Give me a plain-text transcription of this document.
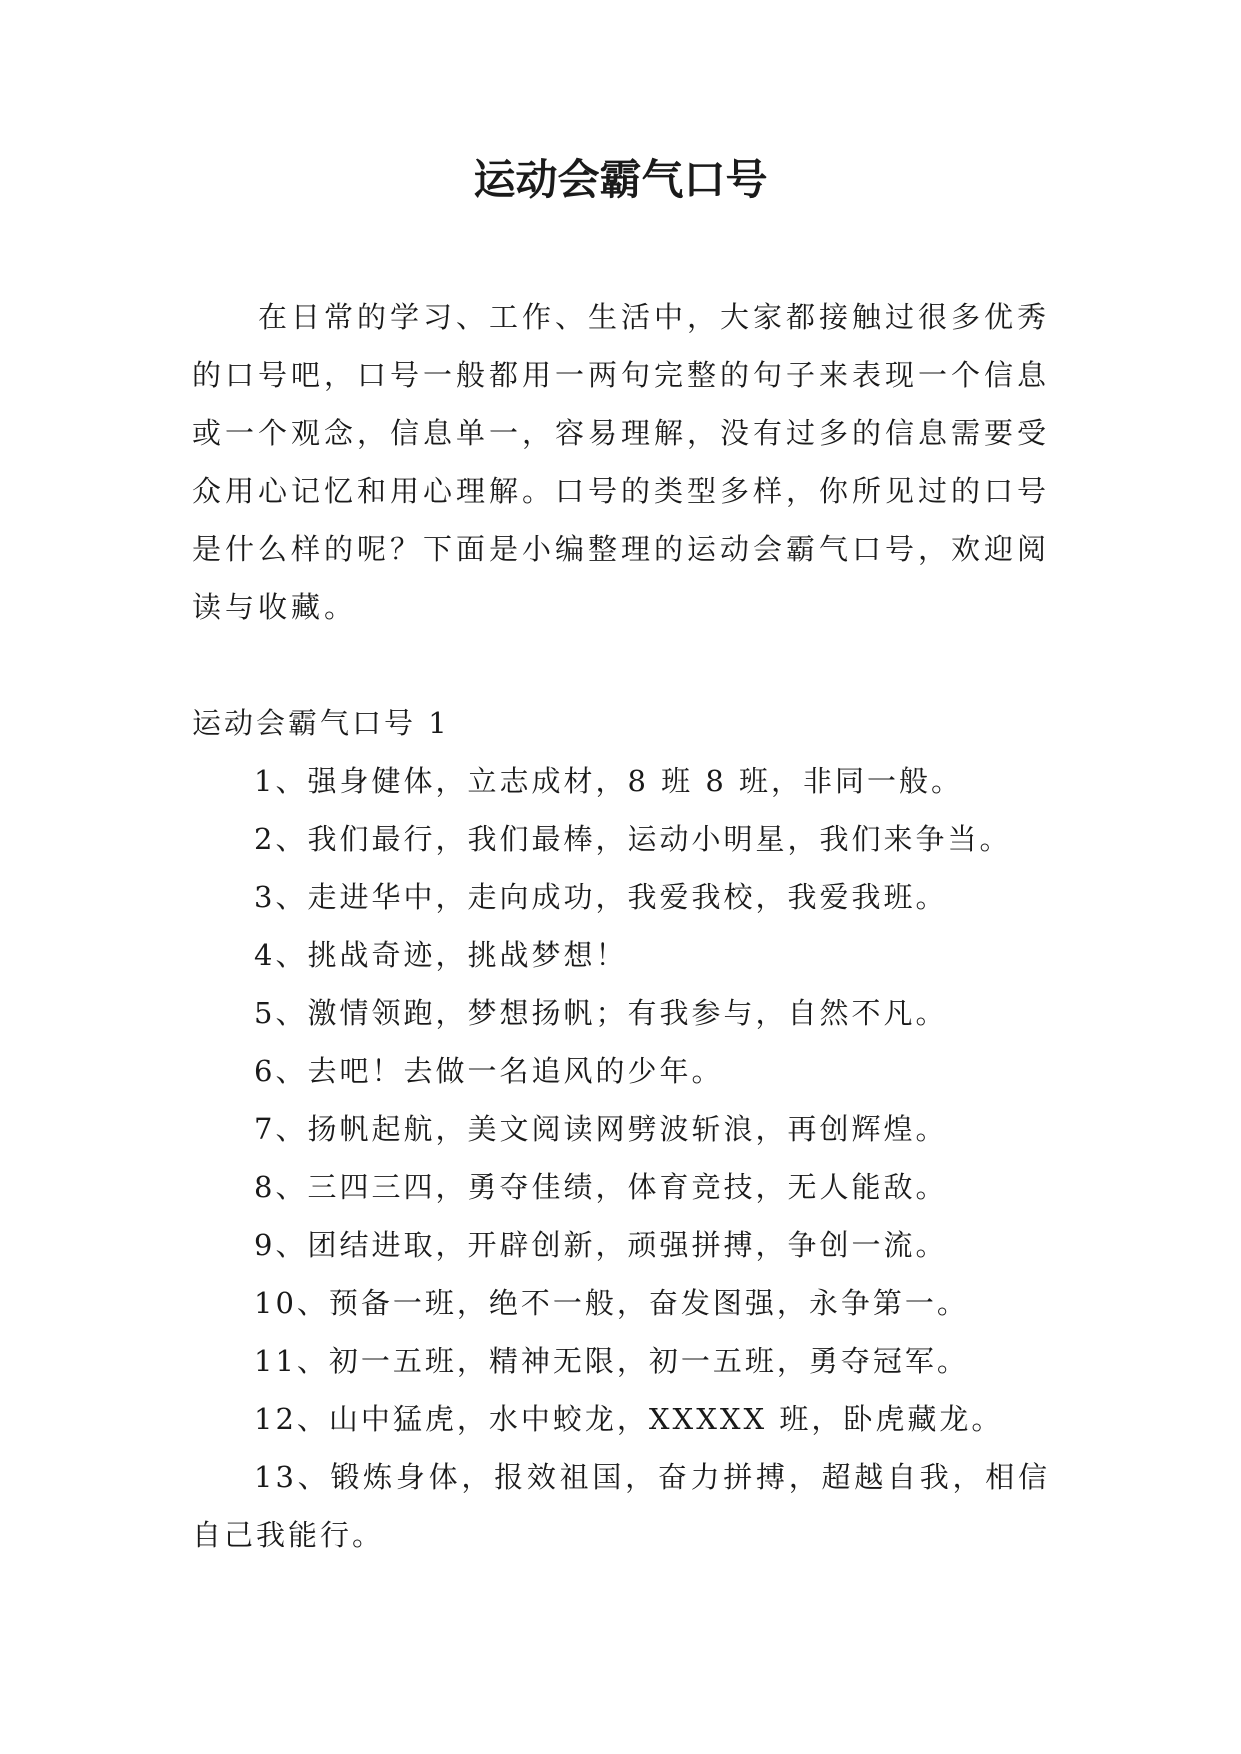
运动会霸气口号

在日常的学习、工作、生活中，大家都接触过很多优秀的口号吧，口号一般都用一两句完整的句子来表现一个信息或一个观念，信息单一，容易理解，没有过多的信息需要受众用心记忆和用心理解。口号的类型多样，你所见过的口号是什么样的呢？下面是小编整理的运动会霸气口号，欢迎阅读与收藏。

运动会霸气口号 1

1、强身健体，立志成材，8 班 8 班，非同一般。
2、我们最行，我们最棒，运动小明星，我们来争当。
3、走进华中，走向成功，我爱我校，我爱我班。
4、挑战奇迹，挑战梦想！
5、激情领跑，梦想扬帆；有我参与，自然不凡。
6、去吧！去做一名追风的少年。
7、扬帆起航，美文阅读网劈波斩浪，再创辉煌。
8、三四三四，勇夺佳绩，体育竞技，无人能敌。
9、团结进取，开辟创新，顽强拼搏，争创一流。
10、预备一班，绝不一般，奋发图强，永争第一。
11、初一五班，精神无限，初一五班，勇夺冠军。
12、山中猛虎，水中蛟龙，XXXXX 班，卧虎藏龙。
13、锻炼身体，报效祖国，奋力拼搏，超越自我，相信自己我能行。
